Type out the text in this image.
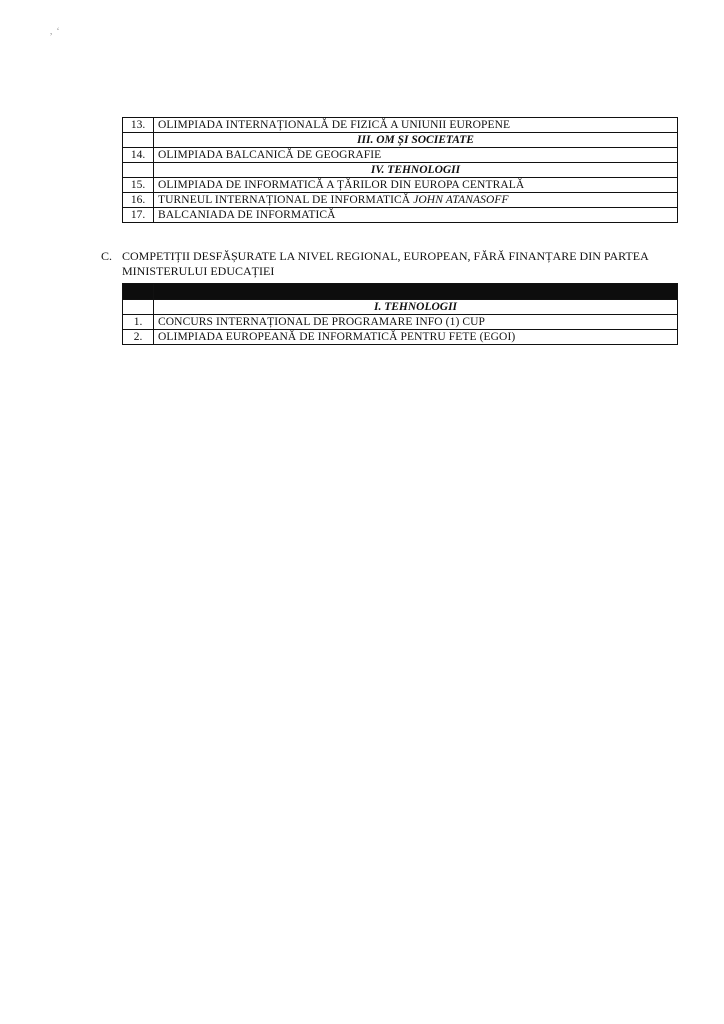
, ‘
13.	OLIMPIADA INTERNAȚIONALĂ DE FIZICĂ A UNIUNII EUROPENE
	III. OM ȘI SOCIETATE
14.	OLIMPIADA BALCANICĂ DE GEOGRAFIE
	IV. TEHNOLOGII
15.	OLIMPIADA DE INFORMATICĂ A ȚĂRILOR DIN EUROPA CENTRALĂ
16.	TURNEUL INTERNAȚIONAL DE INFORMATICĂ JOHN ATANASOFF
17.	BALCANIADA DE INFORMATICĂ
C. COMPETIȚII DESFĂȘURATE LA NIVEL REGIONAL, EUROPEAN, FĂRĂ FINANȚARE DIN PARTEA MINISTERULUI EDUCAȚIEI

	I. TEHNOLOGII
1.	CONCURS INTERNAȚIONAL DE PROGRAMARE INFO (1) CUP
2.	OLIMPIADA EUROPEANĂ DE INFORMATICĂ PENTRU FETE (EGOI)
